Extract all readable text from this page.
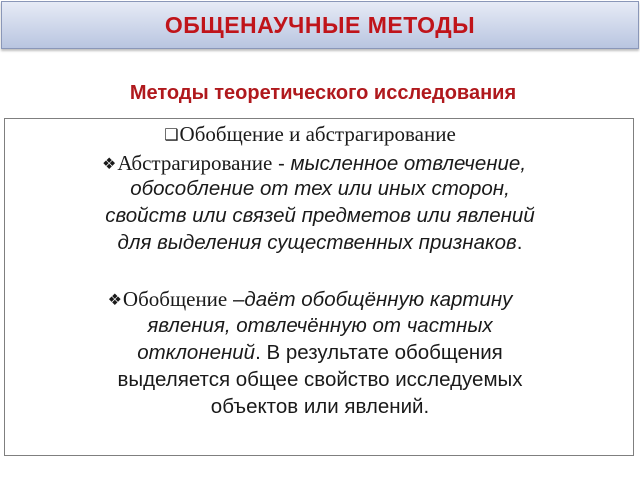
ОБЩЕНАУЧНЫЕ МЕТОДЫ
Методы теоретического исследования
❑Обобщение и абстрагирование
❖Абстрагирование - мысленное отвлечение,
обособление от тех или иных сторон,
свойств или связей предметов или явлений
для выделения существенных признаков.
❖Обобщение –даёт обобщённую картину
явления, отвлечённую от частных
отклонений. В результате обобщения
выделяется общее свойство исследуемых
объектов или явлений.
